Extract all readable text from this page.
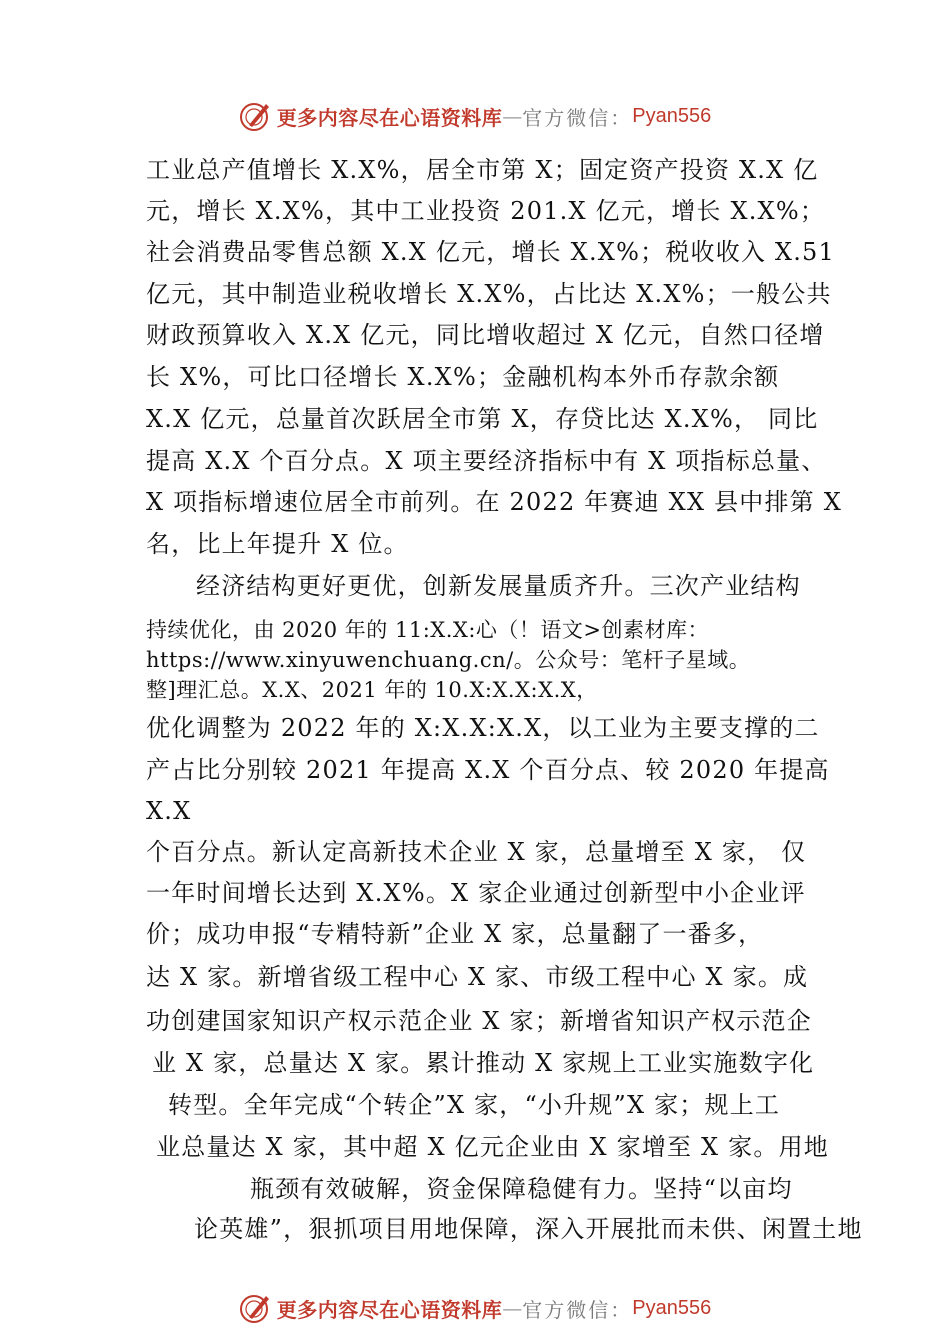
更多内容尽在心语资料库 — 官方微信： Pyan556
工业总产值增长 X.X%，居全市第 X；固定资产投资 X.X 亿
元，增长 X.X%，其中工业投资 201.X 亿元，增长 X.X%；
社会消费品零售总额 X.X 亿元，增长 X.X%；税收收入 X.51
亿元，其中制造业税收增长 X.X%，占比达 X.X%；一般公共
财政预算收入 X.X 亿元，同比增收超过 X 亿元，自然口径增
长 X%，可比口径增长 X.X%；金融机构本外币存款余额
X.X 亿元，总量首次跃居全市第 X，存贷比达 X.X%， 同比
提高 X.X 个百分点。X 项主要经济指标中有 X 项指标总量、
X 项指标增速位居全市前列。在 2022 年赛迪 XX 县中排第 X
名，比上年提升 X 位。
经济结构更好更优，创新发展量质齐升。三次产业结构
持续优化，由 2020 年的 11:X.X:心（！语文>创素材库：
https://www.xinyuwenchuang.cn/。公众号：笔杆子星域。
整]理汇总。X.X、2021 年的 10.X:X.X:X.X，
优化调整为 2022 年的 X:X.X:X.X，以工业为主要支撑的二
产占比分别较 2021 年提高 X.X 个百分点、较 2020 年提高
X.X
个百分点。新认定高新技术企业 X 家，总量增至 X 家， 仅
一年时间增长达到 X.X%。X 家企业通过创新型中小企业评
价；成功申报“专精特新”企业 X 家，总量翻了一番多，
达 X 家。新增省级工程中心 X 家、市级工程中心 X 家。成
功创建国家知识产权示范企业 X 家；新增省知识产权示范企
业 X 家，总量达 X 家。累计推动 X 家规上工业实施数字化
转型。全年完成“个转企”X 家，“小升规”X 家；规上工
业总量达 X 家，其中超 X 亿元企业由 X 家增至 X 家。用地
瓶颈有效破解，资金保障稳健有力。坚持“以亩均
论英雄”，狠抓项目用地保障，深入开展批而未供、闲置土地
更多内容尽在心语资料库 — 官方微信： Pyan556
